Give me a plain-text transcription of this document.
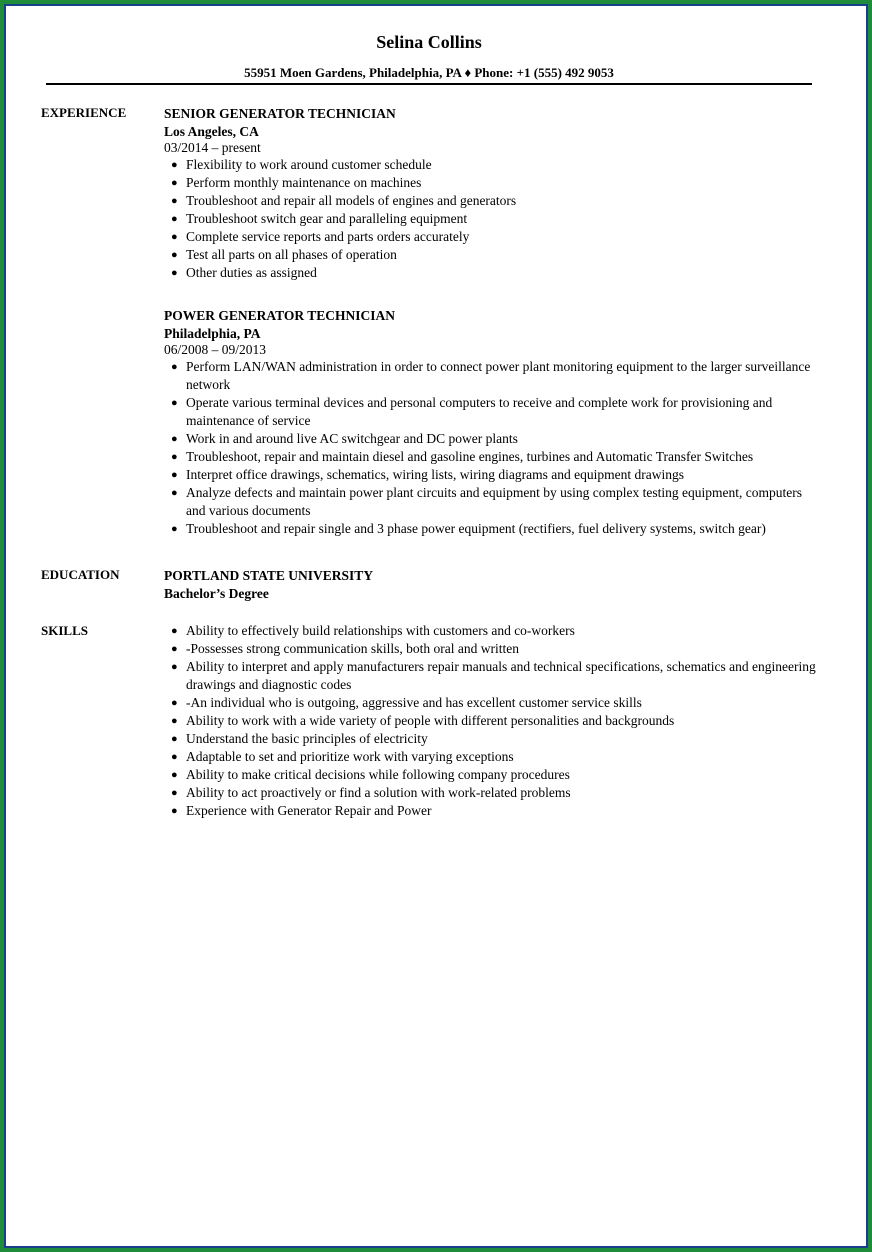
Selina Collins
55951 Moen Gardens, Philadelphia, PA ♦ Phone: +1 (555) 492 9053
EXPERIENCE	SENIOR GENERATOR TECHNICIAN
Los Angeles, CA
03/2014 – present
● Flexibility to work around customer schedule
● Perform monthly maintenance on machines
● Troubleshoot and repair all models of engines and generators
● Troubleshoot switch gear and paralleling equipment
● Complete service reports and parts orders accurately
● Test all parts on all phases of operation
● Other duties as assigned
POWER GENERATOR TECHNICIAN
Philadelphia, PA
06/2008 – 09/2013
● Perform LAN/WAN administration in order to connect power plant monitoring equipment to the larger surveillance network
● Operate various terminal devices and personal computers to receive and complete work for provisioning and maintenance of service
● Work in and around live AC switchgear and DC power plants
● Troubleshoot, repair and maintain diesel and gasoline engines, turbines and Automatic Transfer Switches
● Interpret office drawings, schematics, wiring lists, wiring diagrams and equipment drawings
● Analyze defects and maintain power plant circuits and equipment by using complex testing equipment, computers and various documents
● Troubleshoot and repair single and 3 phase power equipment (rectifiers, fuel delivery systems, switch gear)
EDUCATION	PORTLAND STATE UNIVERSITY
Bachelor’s Degree
SKILLS	● Ability to effectively build relationships with customers and co-workers
● -Possesses strong communication skills, both oral and written
● Ability to interpret and apply manufacturers repair manuals and technical specifications, schematics and engineering drawings and diagnostic codes
● -An individual who is outgoing, aggressive and has excellent customer service skills
● Ability to work with a wide variety of people with different personalities and backgrounds
● Understand the basic principles of electricity
● Adaptable to set and prioritize work with varying exceptions
● Ability to make critical decisions while following company procedures
● Ability to act proactively or find a solution with work-related problems
● Experience with Generator Repair and Power
